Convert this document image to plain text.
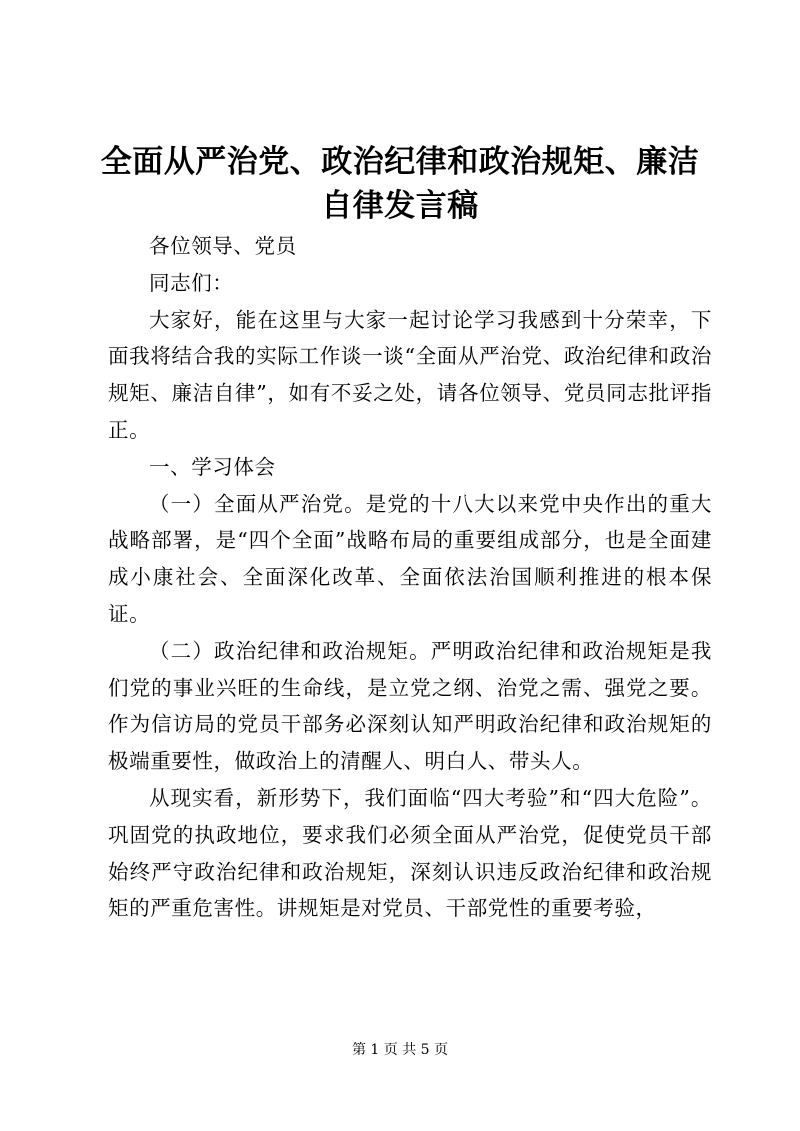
全面从严治党、政治纪律和政治规矩、廉洁自律发言稿

各位领导、党员

同志们：

大家好，能在这里与大家一起讨论学习我感到十分荣幸，下面我将结合我的实际工作谈一谈“全面从严治党、政治纪律和政治规矩、廉洁自律”，如有不妥之处，请各位领导、党员同志批评指正。

一、学习体会

（一）全面从严治党。是党的十八大以来党中央作出的重大战略部署，是“四个全面”战略布局的重要组成部分，也是全面建成小康社会、全面深化改革、全面依法治国顺利推进的根本保证。

（二）政治纪律和政治规矩。严明政治纪律和政治规矩是我们党的事业兴旺的生命线，是立党之纲、治党之需、强党之要。作为信访局的党员干部务必深刻认知严明政治纪律和政治规矩的极端重要性，做政治上的清醒人、明白人、带头人。

从现实看，新形势下，我们面临“四大考验”和“四大危险”。巩固党的执政地位，要求我们必须全面从严治党，促使党员干部始终严守政治纪律和政治规矩，深刻认识违反政治纪律和政治规矩的严重危害性。讲规矩是对党员、干部党性的重要考验，

第 1 页 共 5 页
